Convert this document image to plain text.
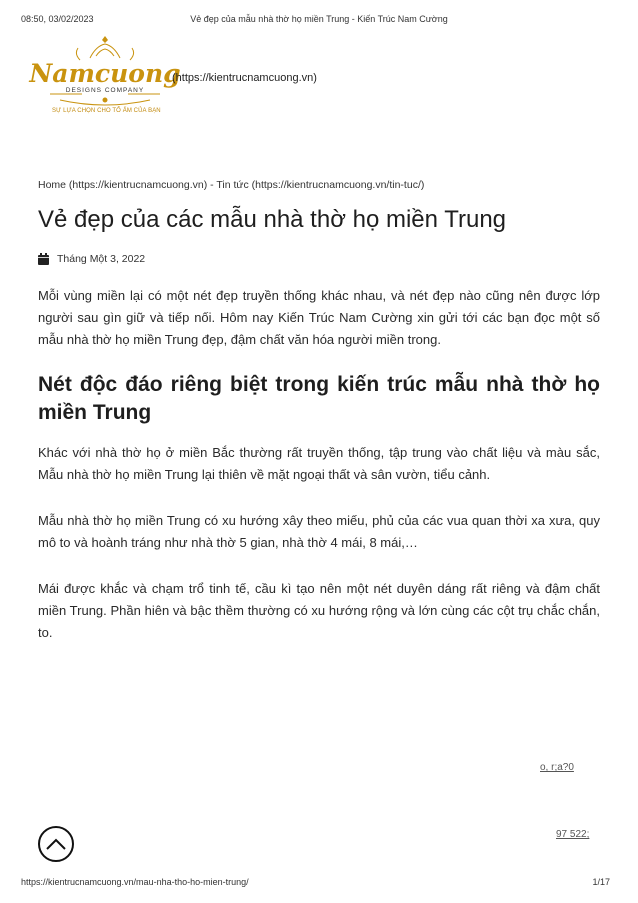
08:50, 03/02/2023	Vẻ đẹp của mẫu nhà thờ họ miền Trung - Kiến Trúc Nam Cường
Namcuong
DESIGNS COMPANY
SỰ LỰA CHỌN CHO TỔ ẤM CỦA BẠN
(https://kientrucnamcuong.vn)
Home (https://kientrucnamcuong.vn) - Tin tức (https://kientrucnamcuong.vn/tin-tuc/)
Vẻ đẹp của các mẫu nhà thờ họ miền Trung
Tháng Một 3, 2022

Mỗi vùng miền lại có một nét đẹp truyền thống khác nhau, và nét đẹp nào cũng nên được lớp người sau gìn giữ và tiếp nối. Hôm nay Kiến Trúc Nam Cường xin gửi tới các bạn đọc một số mẫu nhà thờ họ miền Trung đẹp, đậm chất văn hóa người miền trong.

Nét độc đáo riêng biệt trong kiến trúc mẫu nhà thờ họ miền Trung

Khác với nhà thờ họ ở miền Bắc thường rất truyền thống, tập trung vào chất liệu và màu sắc, Mẫu nhà thờ họ miền Trung lại thiên về mặt ngoại thất và sân vườn, tiểu cảnh.

Mẫu nhà thờ họ miền Trung có xu hướng xây theo miếu, phủ của các vua quan thời xa xưa, quy mô to và hoành tráng như nhà thờ 5 gian, nhà thờ 4 mái, 8 mái,…

Mái được khắc và chạm trổ tinh tế, cầu kì tạo nên một nét duyên dáng rất riêng và đậm chất miền Trung. Phần hiên và bậc thềm thường có xu hướng rộng và lớn cùng các cột trụ chắc chắn, to.

o, r;a?0
97 522;
https://kientrucnamcuong.vn/mau-nha-tho-ho-mien-trung/	1/17
